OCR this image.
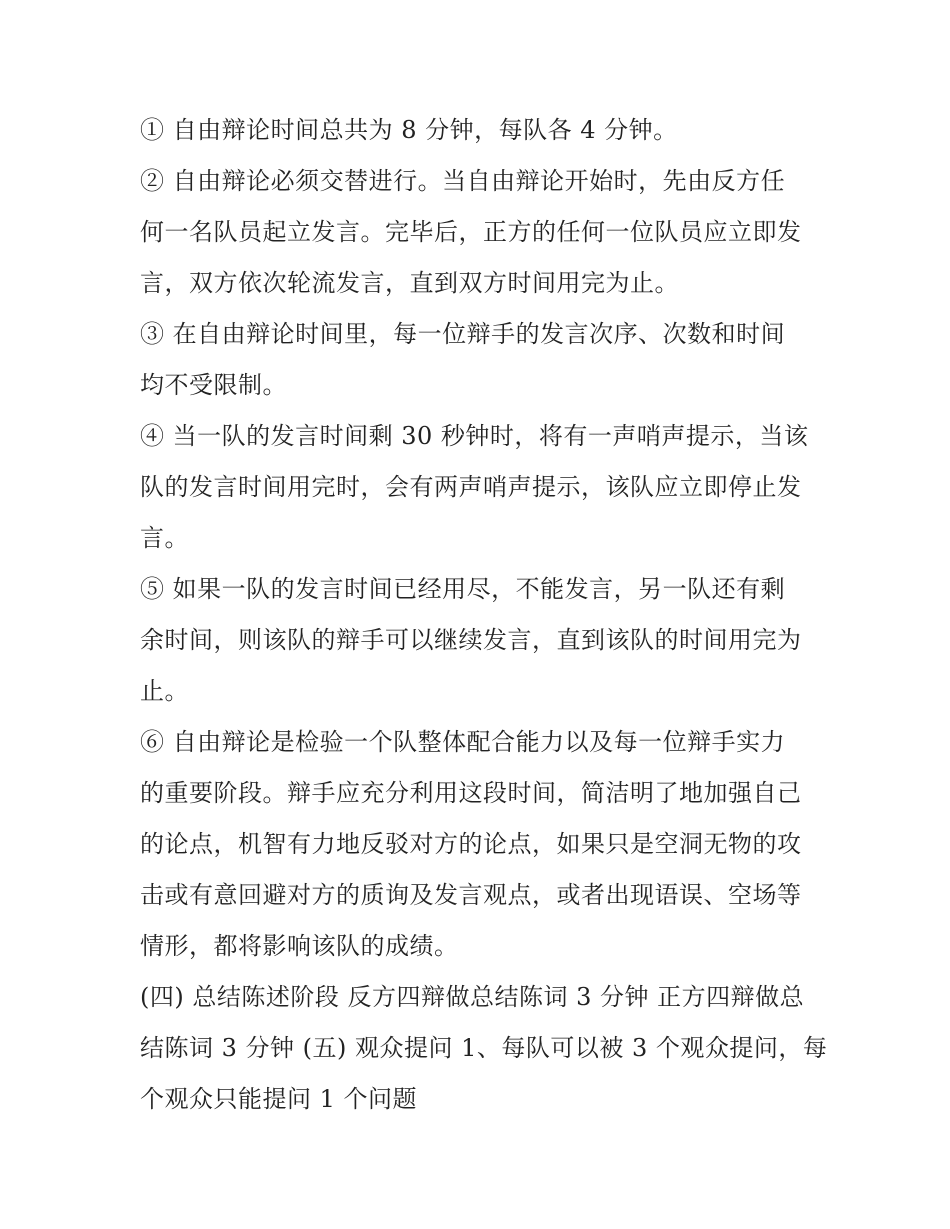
① 自由辩论时间总共为 8 分钟，每队各 4 分钟。
② 自由辩论必须交替进行。当自由辩论开始时，先由反方任
何一名队员起立发言。完毕后，正方的任何一位队员应立即发
言，双方依次轮流发言，直到双方时间用完为止。
③ 在自由辩论时间里，每一位辩手的发言次序、次数和时间
均不受限制。
④ 当一队的发言时间剩 30 秒钟时，将有一声哨声提示，当该
队的发言时间用完时，会有两声哨声提示，该队应立即停止发
言。
⑤ 如果一队的发言时间已经用尽，不能发言，另一队还有剩
余时间，则该队的辩手可以继续发言，直到该队的时间用完为
止。
⑥ 自由辩论是检验一个队整体配合能力以及每一位辩手实力
的重要阶段。辩手应充分利用这段时间，简洁明了地加强自己
的论点，机智有力地反驳对方的论点，如果只是空洞无物的攻
击或有意回避对方的质询及发言观点，或者出现语误、空场等
情形，都将影响该队的成绩。
(四) 总结陈述阶段 反方四辩做总结陈词 3 分钟 正方四辩做总
结陈词 3 分钟 (五) 观众提问 1、每队可以被 3 个观众提问，每
个观众只能提问 1 个问题
